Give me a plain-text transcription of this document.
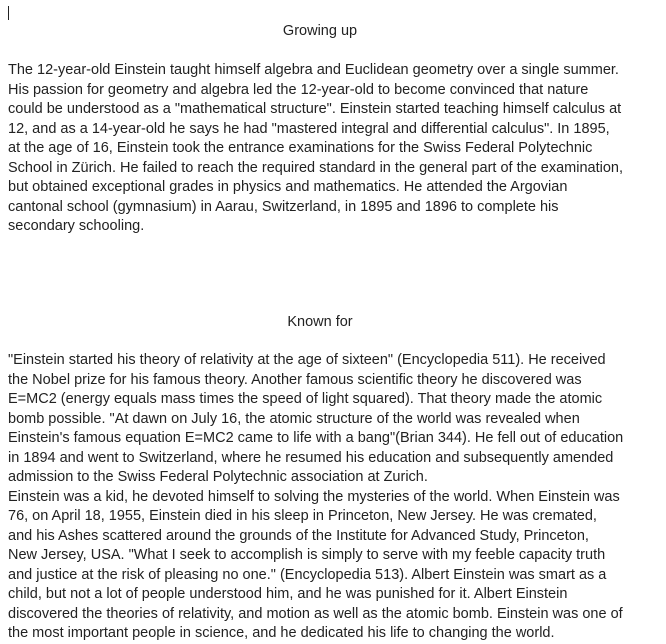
Growing up

The 12-year-old Einstein taught himself algebra and Euclidean geometry over a single summer.
His passion for geometry and algebra led the 12-year-old to become convinced that nature
could be understood as a "mathematical structure". Einstein started teaching himself calculus at
12, and as a 14-year-old he says he had "mastered integral and differential calculus". In 1895,
at the age of 16, Einstein took the entrance examinations for the Swiss Federal Polytechnic
School in Zürich. He failed to reach the required standard in the general part of the examination,
but obtained exceptional grades in physics and mathematics. He attended the Argovian
cantonal school (gymnasium) in Aarau, Switzerland, in 1895 and 1896 to complete his
secondary schooling.

Known for

"Einstein started his theory of relativity at the age of sixteen" (Encyclopedia 511). He received
the Nobel prize for his famous theory. Another famous scientific theory he discovered was
E=MC2 (energy equals mass times the speed of light squared). That theory made the atomic
bomb possible. "At dawn on July 16, the atomic structure of the world was revealed when
Einstein's famous equation E=MC2 came to life with a bang"(Brian 344). He fell out of education
in 1894 and went to Switzerland, where he resumed his education and subsequently amended
admission to the Swiss Federal Polytechnic association at Zurich.
Einstein was a kid, he devoted himself to solving the mysteries of the world. When Einstein was
76, on April 18, 1955, Einstein died in his sleep in Princeton, New Jersey. He was cremated,
and his Ashes scattered around the grounds of the Institute for Advanced Study, Princeton,
New Jersey, USA. "What I seek to accomplish is simply to serve with my feeble capacity truth
and justice at the risk of pleasing no one." (Encyclopedia 513). Albert Einstein was smart as a
child, but not a lot of people understood him, and he was punished for it. Albert Einstein
discovered the theories of relativity, and motion as well as the atomic bomb. Einstein was one of
the most important people in science, and he dedicated his life to changing the world.
